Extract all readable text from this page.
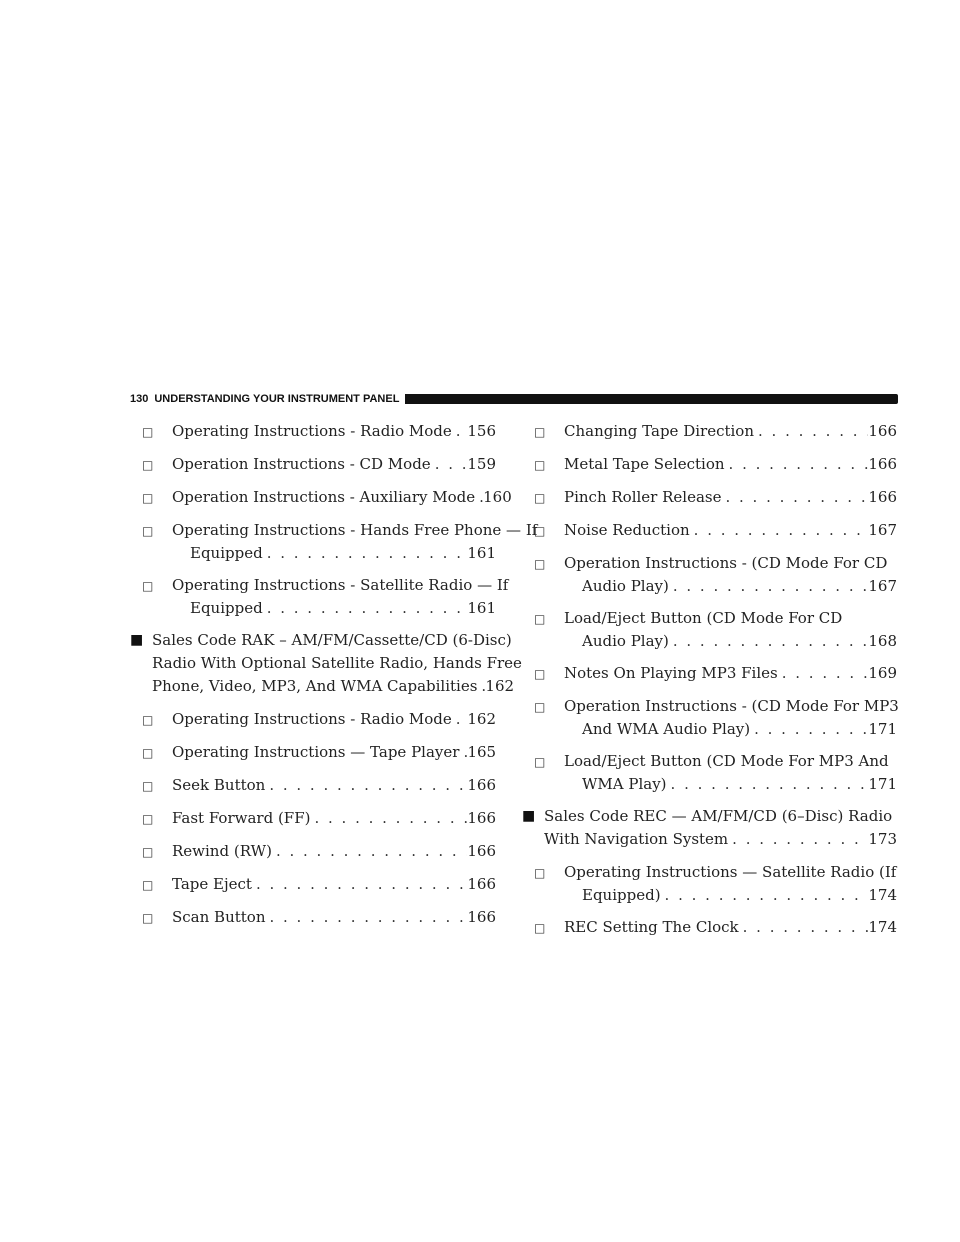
130 UNDERSTANDING YOUR INSTRUMENT PANEL
□ Operating Instructions - Radio Mode . . . 156
□ Operation Instructions - CD Mode . . . 159
□ Operation Instructions - Auxiliary Mode . . . 160
□ Operating Instructions - Hands Free Phone — If
Equipped . . .	161
□ Operating Instructions - Satellite Radio — If
Equipped . . .	161
■ Sales Code RAK – AM/FM/Cassette/CD (6-Disc)
Radio With Optional Satellite Radio, Hands Free
Phone, Video, MP3, And WMA Capabilities . . . 162
□ Operating Instructions - Radio Mode . . . 162
□ Operating Instructions — Tape Player . . . 165
□ Seek Button . . .	166
□ Fast Forward (FF) . . .	166
□ Rewind (RW) . . .	166
□ Tape Eject . . .	166
□ Scan Button . . .	166
□ Changing Tape Direction . . .	166
□ Metal Tape Selection . . .	166
□ Pinch Roller Release . . .	166
□ Noise Reduction . . .	167
□ Operation Instructions - (CD Mode For CD
Audio Play) . . .	167
□ Load/Eject Button (CD Mode For CD
Audio Play) . . .	168
□ Notes On Playing MP3 Files . . .	169
□ Operation Instructions - (CD Mode For MP3
And WMA Audio Play) . . .	171
□ Load/Eject Button (CD Mode For MP3 And
WMA Play) . . .	171
■ Sales Code REC — AM/FM/CD (6–Disc) Radio
With Navigation System . . .	173
□ Operating Instructions — Satellite Radio (If
Equipped) . . .	174
□ REC Setting The Clock . . .	174
